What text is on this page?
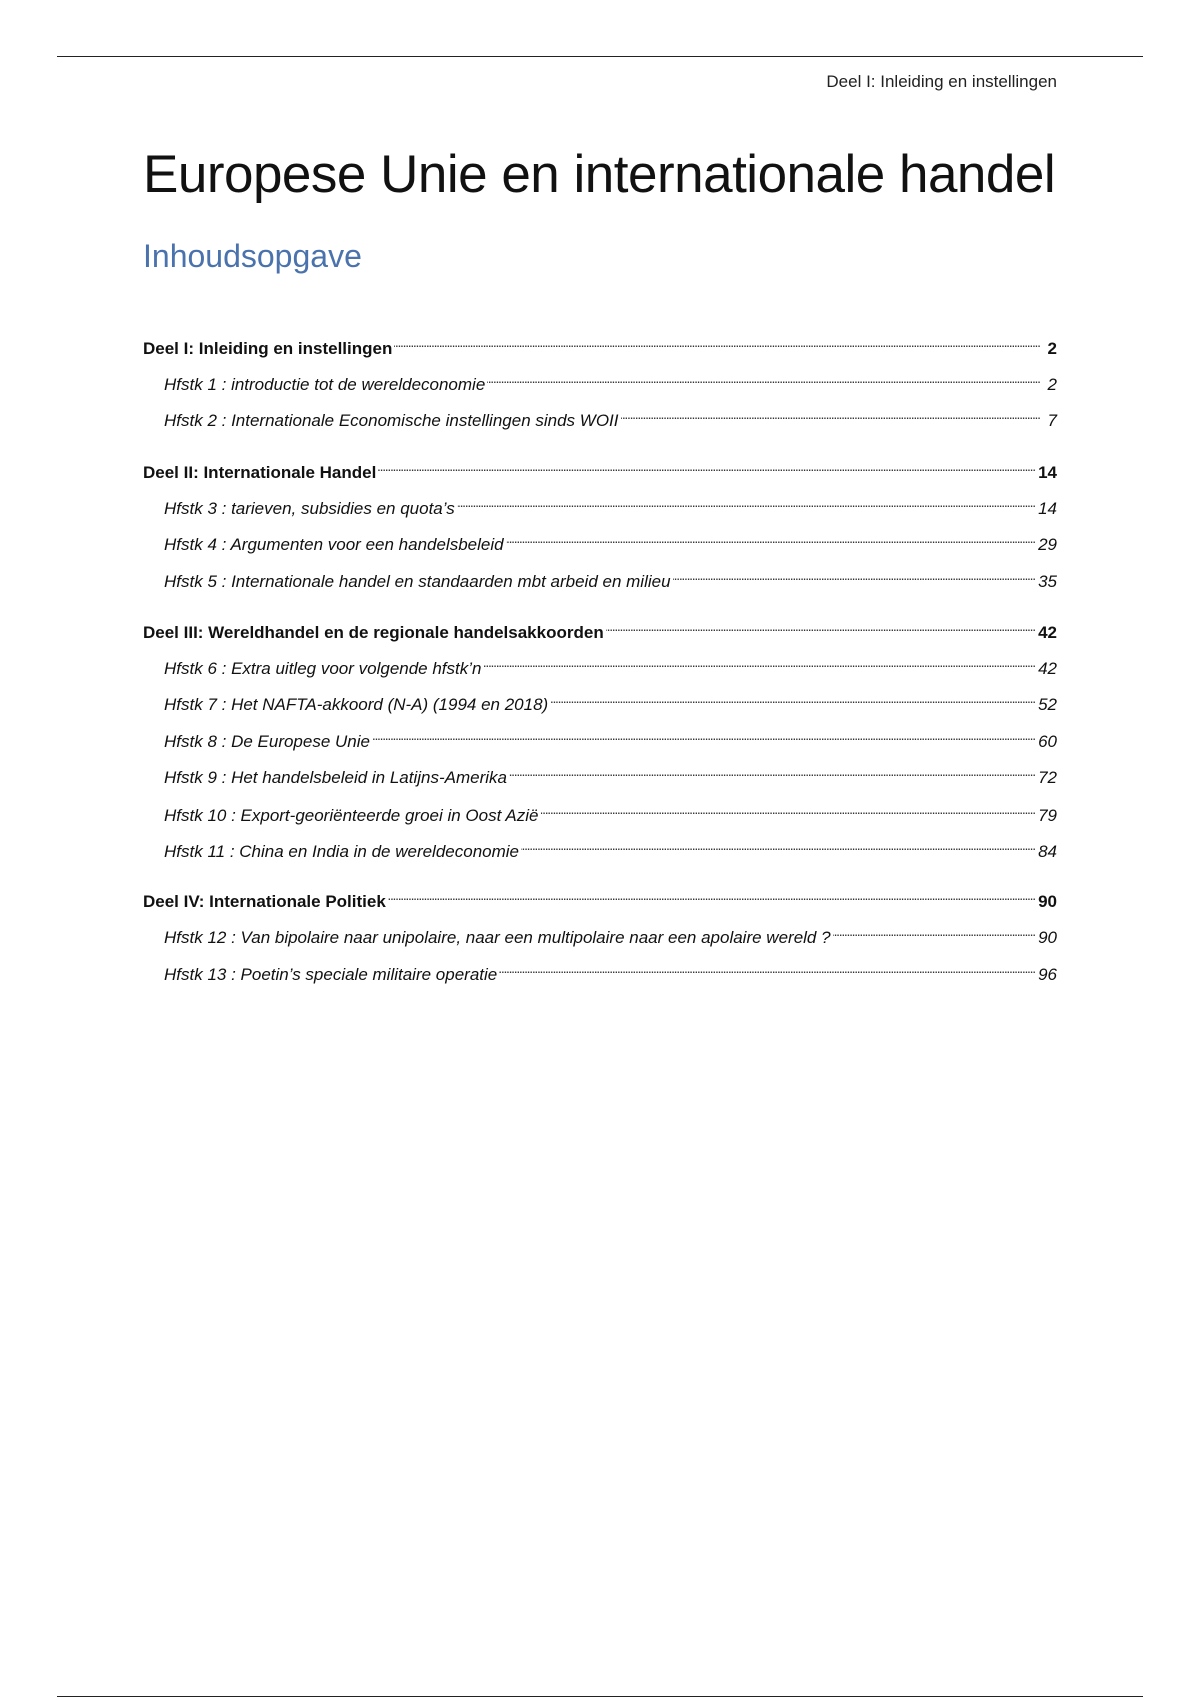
Deel I: Inleiding en instellingen
Europese Unie en internationale handel
Inhoudsopgave
Deel I: Inleiding en instellingen . . .	2
Hfstk 1 : introductie tot de wereldeconomie . . .	2
Hfstk 2 : Internationale Economische instellingen sinds WOII . . .	7
Deel II: Internationale Handel . . .	14
Hfstk 3 : tarieven, subsidies en quota’s . . .	14
Hfstk 4 : Argumenten voor een handelsbeleid . . .	29
Hfstk 5 : Internationale handel en standaarden mbt arbeid en milieu . . .	35
Deel III: Wereldhandel en de regionale handelsakkoorden . . .	42
Hfstk 6 : Extra uitleg voor volgende hfstk’n . . .	42
Hfstk 7 : Het NAFTA-akkoord (N-A) (1994 en 2018) . . .	52
Hfstk 8 : De Europese Unie . . .	60
Hfstk 9 : Het handelsbeleid in Latijns-Amerika . . .	72
Hfstk 10 : Export-georiënteerde groei in Oost Azië . . .	79
Hfstk 11 : China en India in de wereldeconomie . . .	84
Deel IV: Internationale Politiek . . .	90
Hfstk 12 : Van bipolaire naar unipolaire, naar een multipolaire naar een apolaire wereld ? . . .	90
Hfstk 13 : Poetin’s speciale militaire operatie . . .	96
